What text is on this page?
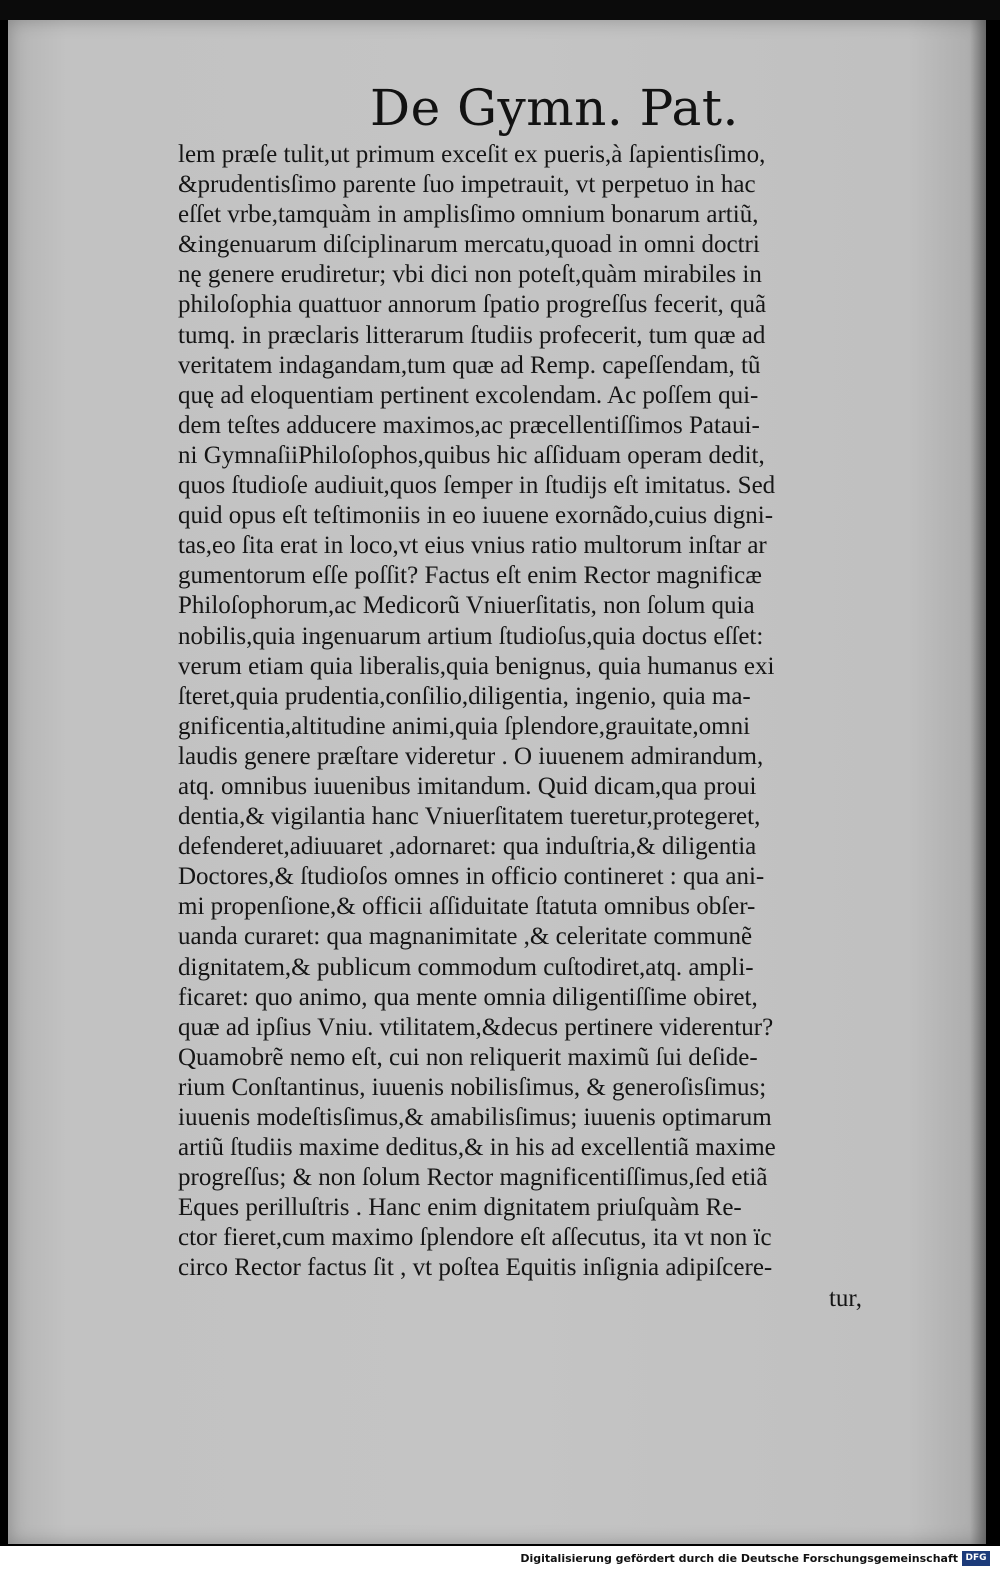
De Gymn. Pat.
lem præſe tulit,ut primum exceſit ex pueris,à ſapientisſimo,
&prudentisſimo parente ſuo impetrauit, vt perpetuo in hac
eſſet vrbe,tamquàm in amplisſimo omnium bonarum artiũ,
&ingenuarum diſciplinarum mercatu,quoad in omni doctri
nę genere erudiretur; vbi dici non poteſt,quàm mirabiles in
philoſophia quattuor annorum ſpatio progreſſus fecerit, quã
tumq. in præclaris litterarum ſtudiis profecerit, tum quæ ad
veritatem indagandam,tum quæ ad Remp. capeſſendam, tũ
quę ad eloquentiam pertinent excolendam. Ac poſſem qui-
dem teſtes adducere maximos,ac præcellentiſſimos Pataui-
ni GymnaſiiPhiloſophos,quibus hic aſſiduam operam dedit,
quos ſtudioſe audiuit,quos ſemper in ſtudijs eſt imitatus. Sed
quid opus eſt teſtimoniis in eo iuuene exornãdo,cuius digni-
tas,eo ſita erat in loco,vt eius vnius ratio multorum inſtar ar
gumentorum eſſe poſſit? Factus eſt enim Rector magnificæ
Philoſophorum,ac Medicorũ Vniuerſitatis, non ſolum quia
nobilis,quia ingenuarum artium ſtudioſus,quia doctus eſſet:
verum etiam quia liberalis,quia benignus, quia humanus exi
ſteret,quia prudentia,conſilio,diligentia, ingenio, quia ma-
gnificentia,altitudine animi,quia ſplendore,grauitate,omni
laudis genere præſtare videretur . O iuuenem admirandum,
atq. omnibus iuuenibus imitandum. Quid dicam,qua proui
dentia,& vigilantia hanc Vniuerſitatem tueretur,protegeret,
defenderet,adiuuaret ,adornaret: qua induſtria,& diligentia
Doctores,& ſtudioſos omnes in officio contineret : qua ani-
mi propenſione,& officii aſſiduitate ſtatuta omnibus obſer-
uanda curaret: qua magnanimitate ,& celeritate communẽ
dignitatem,& publicum commodum cuſtodiret,atq. ampli-
ficaret: quo animo, qua mente omnia diligentiſſime obiret,
quæ ad ipſius Vniu. vtilitatem,&decus pertinere viderentur?
Quamobrẽ nemo eſt, cui non reliquerit maximũ ſui deſide-
rium Conſtantinus, iuuenis nobilisſimus, & generoſisſimus;
iuuenis modeſtisſimus,& amabilisſimus; iuuenis optimarum
artiũ ſtudiis maxime deditus,& in his ad excellentiã maxime
progreſſus; & non ſolum Rector magnificentiſſimus,ſed etiã
Eques perilluſtris . Hanc enim dignitatem priuſquàm Re-
ctor fieret,cum maximo ſplendore eſt aſſecutus, ita vt non ïc
circo Rector factus ſit , vt poſtea Equitis inſignia adipiſcere-
tur,
Digitalisierung gefördert durch die Deutsche Forschungsgemeinschaft DFG
